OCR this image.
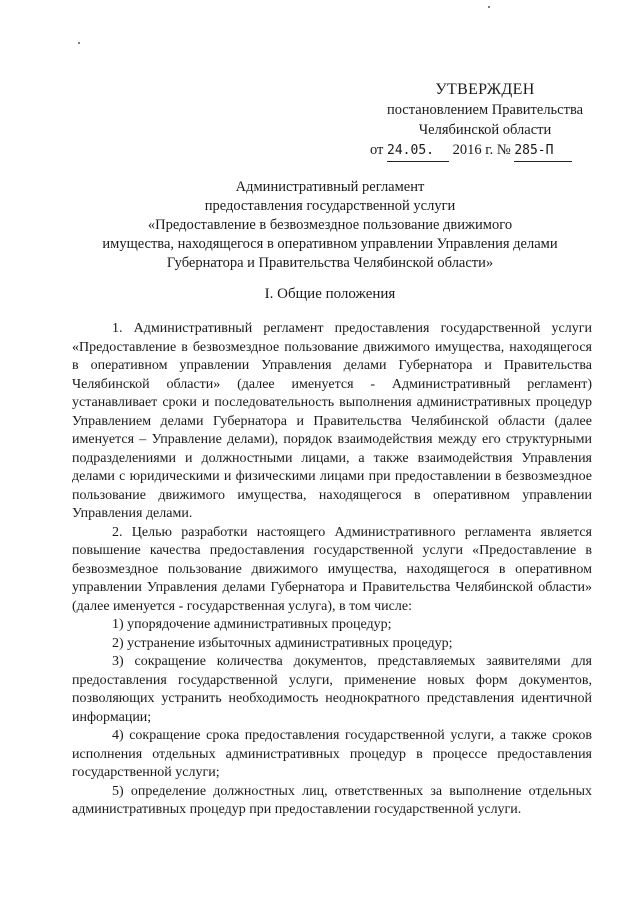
УТВЕРЖДЕН
постановлением Правительства
Челябинской области
от 24.05. 2016 г. № 285-П
Административный регламент
предоставления государственной услуги
«Предоставление в безвозмездное пользование движимого
имущества, находящегося в оперативном управлении Управления делами
Губернатора и Правительства Челябинской области»
I. Общие положения

1. Административный регламент предоставления государственной услуги «Предоставление в безвозмездное пользование движимого имущества, находящегося в оперативном управлении Управления делами Губернатора и Правительства Челябинской области» (далее именуется - Административный регламент) устанавливает сроки и последовательность выполнения административных процедур Управлением делами Губернатора и Правительства Челябинской области (далее именуется – Управление делами), порядок взаимодействия между его структурными подразделениями и должностными лицами, а также взаимодействия Управления делами с юридическими и физическими лицами при предоставлении в безвозмездное пользование движимого имущества, находящегося в оперативном управлении Управления делами.

2. Целью разработки настоящего Административного регламента является повышение качества предоставления государственной услуги «Предоставление в безвозмездное пользование движимого имущества, находящегося в оперативном управлении Управления делами Губернатора и Правительства Челябинской области» (далее именуется - государственная услуга), в том числе:

1) упорядочение административных процедур;

2) устранение избыточных административных процедур;

3) сокращение количества документов, представляемых заявителями для предоставления государственной услуги, применение новых форм документов, позволяющих устранить необходимость неоднократного представления идентичной информации;

4) сокращение срока предоставления государственной услуги, а также сроков исполнения отдельных административных процедур в процессе предоставления государственной услуги;

5) определение должностных лиц, ответственных за выполнение отдельных административных процедур при предоставлении государственной услуги.
